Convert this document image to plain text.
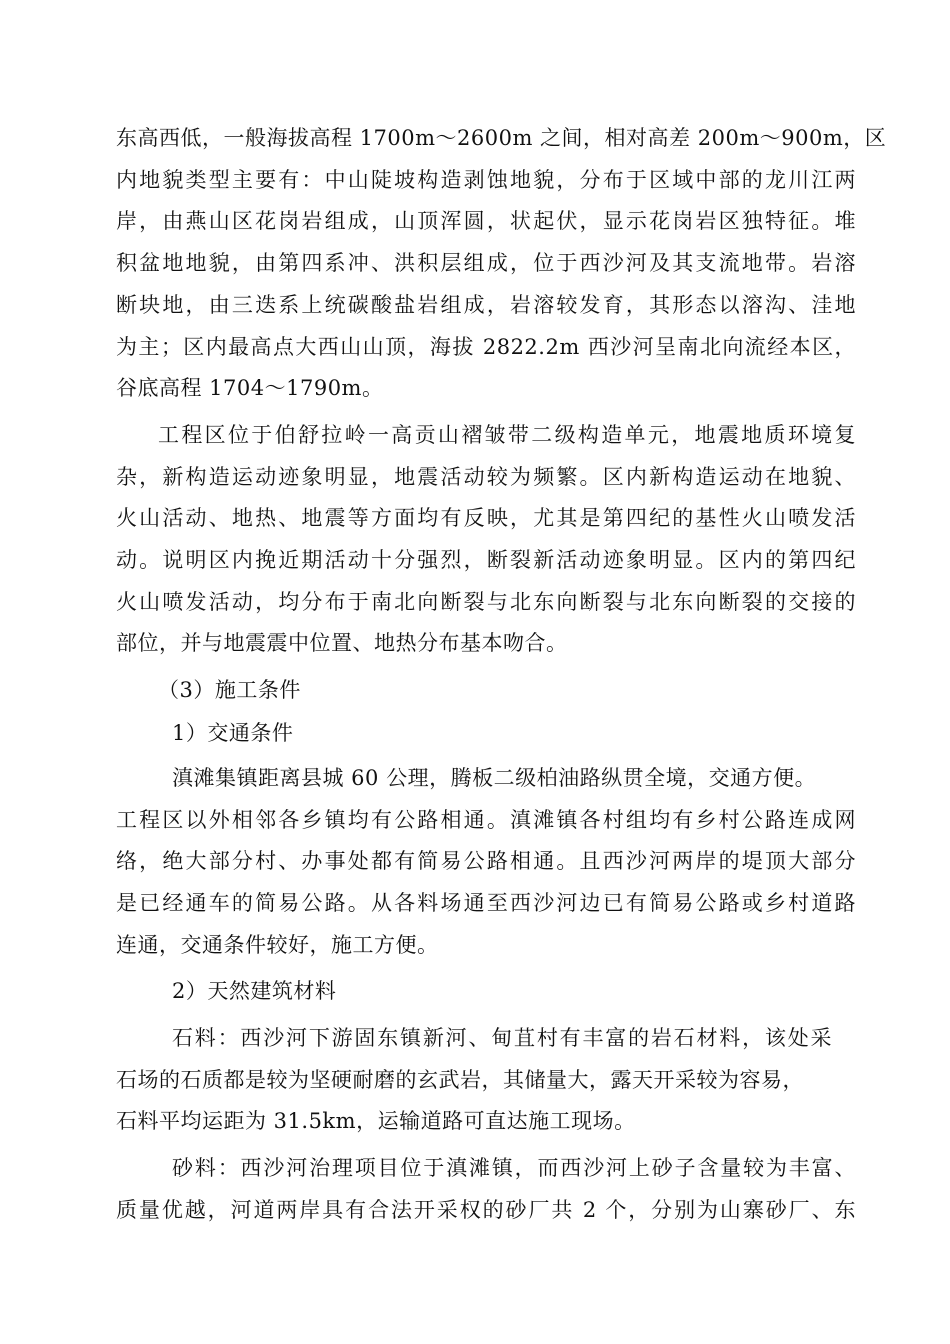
东高西低，一般海拔高程 1700m～2600m 之间，相对高差 200m～900m，区
内地貌类型主要有：中山陡坡构造剥蚀地貌，分布于区域中部的龙川江两
岸，由燕山区花岗岩组成，山顶浑圆，状起伏，显示花岗岩区独特征。堆
积盆地地貌，由第四系冲、洪积层组成，位于西沙河及其支流地带。岩溶
断块地，由三迭系上统碳酸盐岩组成，岩溶较发育，其形态以溶沟、洼地
为主；区内最高点大西山山顶，海拔 2822.2m 西沙河呈南北向流经本区，
谷底高程 1704～1790m。
工程区位于伯舒拉岭一高贡山褶皱带二级构造单元，地震地质环境复
杂，新构造运动迹象明显，地震活动较为频繁。区内新构造运动在地貌、
火山活动、地热、地震等方面均有反映，尤其是第四纪的基性火山喷发活
动。说明区内挽近期活动十分强烈，断裂新活动迹象明显。区内的第四纪
火山喷发活动，均分布于南北向断裂与北东向断裂与北东向断裂的交接的
部位，并与地震震中位置、地热分布基本吻合。
（3）施工条件
1）交通条件
滇滩集镇距离县城 60 公理，腾板二级柏油路纵贯全境，交通方便。
工程区以外相邻各乡镇均有公路相通。滇滩镇各村组均有乡村公路连成网
络，绝大部分村、办事处都有简易公路相通。且西沙河两岸的堤顶大部分
是已经通车的简易公路。从各料场通至西沙河边已有简易公路或乡村道路
连通，交通条件较好，施工方便。
2）天然建筑材料
石料：西沙河下游固东镇新河、甸苴村有丰富的岩石材料，该处采
石场的石质都是较为坚硬耐磨的玄武岩，其储量大，露天开采较为容易，
石料平均运距为 31.5km，运输道路可直达施工现场。
砂料：西沙河治理项目位于滇滩镇，而西沙河上砂子含量较为丰富、
质量优越，河道两岸具有合法开采权的砂厂共 2 个，分别为山寨砂厂、东
